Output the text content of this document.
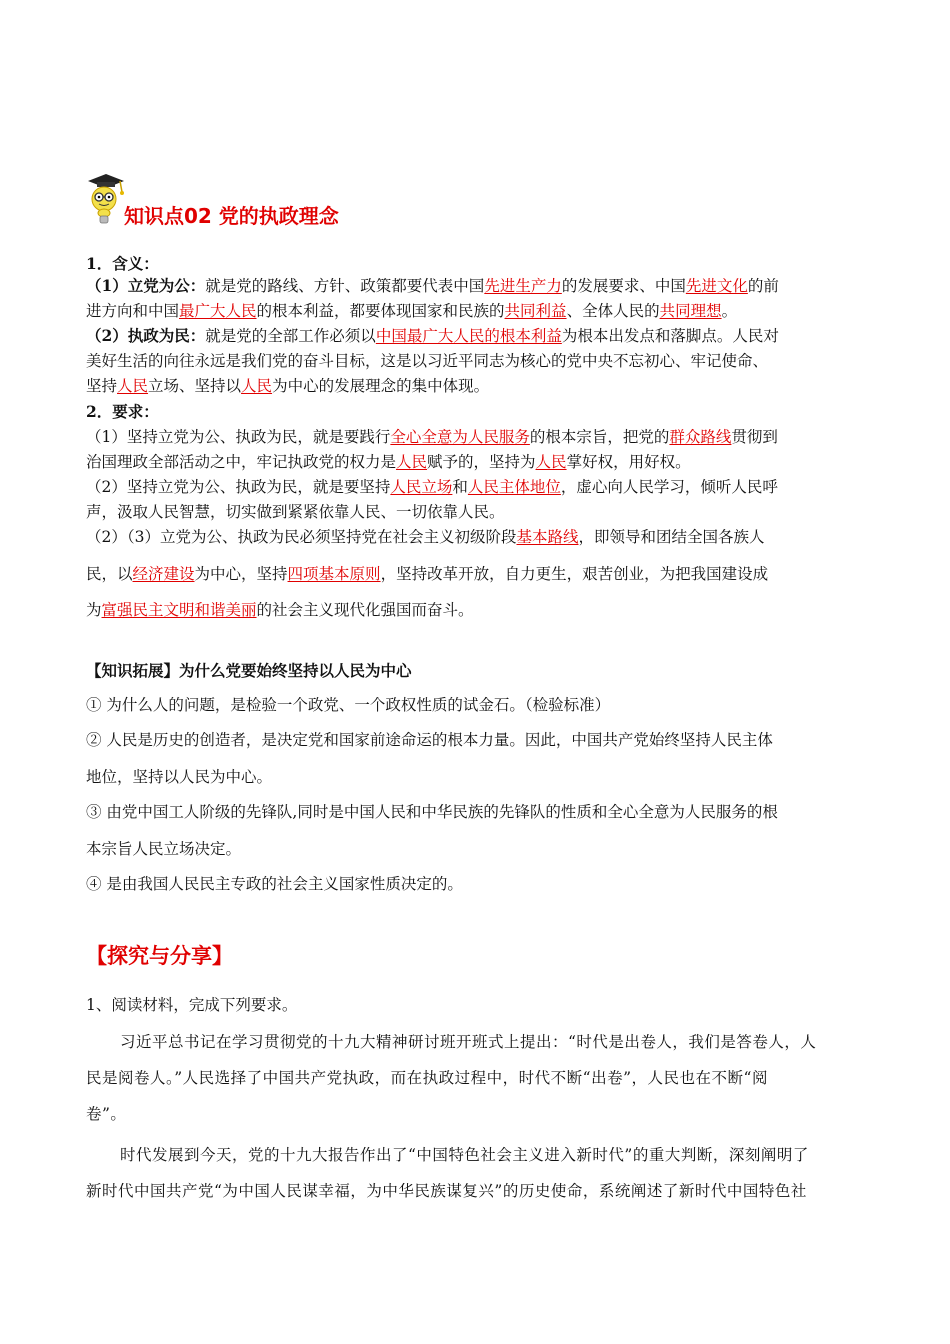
知识点02 党的执政理念
1．含义：
（1）立党为公：就是党的路线、方针、政策都要代表中国先进生产力的发展要求、中国先进文化的前
进方向和中国最广大人民的根本利益，都要体现国家和民族的共同利益、全体人民的共同理想。
（2）执政为民：就是党的全部工作必须以中国最广大人民的根本利益为根本出发点和落脚点。人民对
美好生活的向往永远是我们党的奋斗目标，这是以习近平同志为核心的党中央不忘初心、牢记使命、
坚持人民立场、坚持以人民为中心的发展理念的集中体现。
2．要求：
（1）坚持立党为公、执政为民，就是要践行全心全意为人民服务的根本宗旨，把党的群众路线贯彻到
治国理政全部活动之中，牢记执政党的权力是人民赋予的，坚持为人民掌好权，用好权。
（2）坚持立党为公、执政为民，就是要坚持人民立场和人民主体地位，虚心向人民学习，倾听人民呼
声，汲取人民智慧，切实做到紧紧依靠人民、一切依靠人民。
（2）（3）立党为公、执政为民必须坚持党在社会主义初级阶段基本路线，即领导和团结全国各族人
民，以经济建设为中心，坚持四项基本原则，坚持改革开放，自力更生，艰苦创业，为把我国建设成
为富强民主文明和谐美丽的社会主义现代化强国而奋斗。
【知识拓展】为什么党要始终坚持以人民为中心
① 为什么人的问题，是检验一个政党、一个政权性质的试金石。（检验标准）
② 人民是历史的创造者，是决定党和国家前途命运的根本力量。因此，中国共产党始终坚持人民主体
地位，坚持以人民为中心。
③ 由党中国工人阶级的先锋队,同时是中国人民和中华民族的先锋队的性质和全心全意为人民服务的根
本宗旨人民立场决定。
④ 是由我国人民民主专政的社会主义国家性质决定的。
【探究与分享】
1、阅读材料，完成下列要求。
习近平总书记在学习贯彻党的十九大精神研讨班开班式上提出：“时代是出卷人，我们是答卷人，人
民是阅卷人。”人民选择了中国共产党执政，而在执政过程中，时代不断“出卷”，人民也在不断“阅
卷”。
时代发展到今天，党的十九大报告作出了“中国特色社会主义进入新时代”的重大判断，深刻阐明了
新时代中国共产党“为中国人民谋幸福，为中华民族谋复兴”的历史使命，系统阐述了新时代中国特色社
